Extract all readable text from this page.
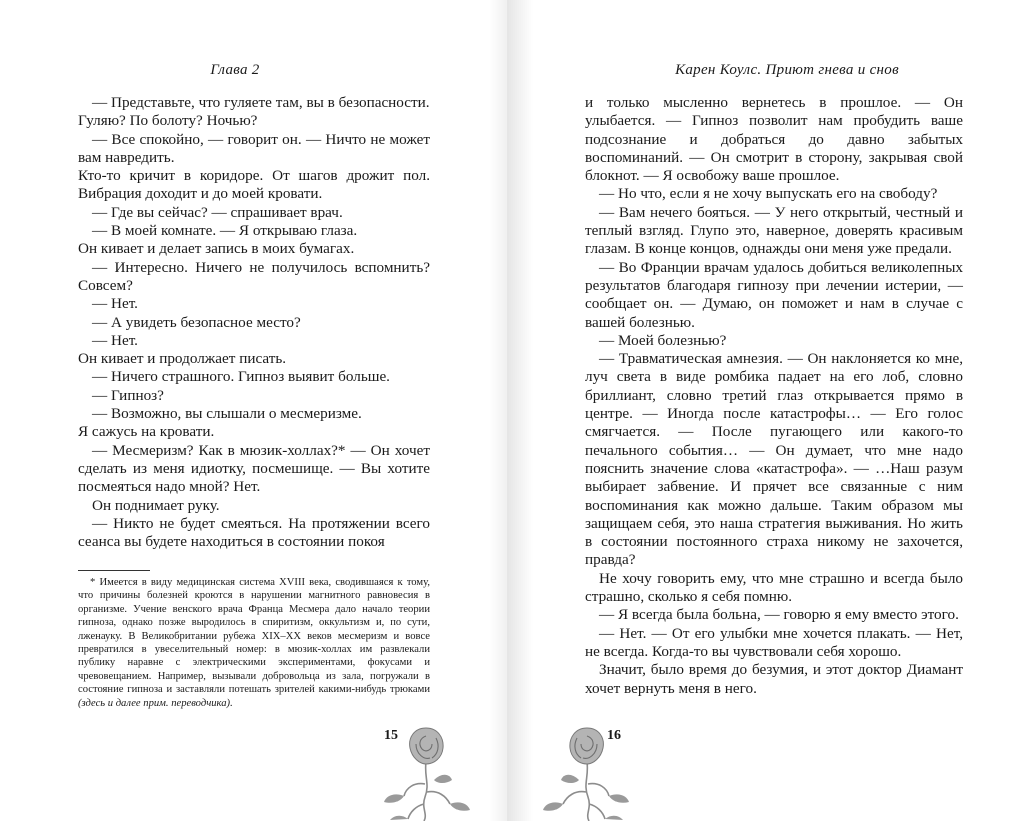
Глава 2

— Представьте, что гуляете там, вы в безопасности.

Гуляю? По болоту? Ночью?

— Все спокойно, — говорит он. — Ничто не может вам навредить.

Кто-то кричит в коридоре. От шагов дрожит пол. Вибрация доходит и до моей кровати.

— Где вы сейчас? — спрашивает врач.

— В моей комнате. — Я открываю глаза.

Он кивает и делает запись в моих бумагах.

— Интересно. Ничего не получилось вспомнить? Совсем?

— Нет.

— А увидеть безопасное место?

— Нет.

Он кивает и продолжает писать.

— Ничего страшного. Гипноз выявит больше.

— Гипноз?

— Возможно, вы слышали о месмеризме.

Я сажусь на кровати.

— Месмеризм? Как в мюзик-холлах?* — Он хочет сделать из меня идиотку, посмешище. — Вы хотите посмеяться надо мной? Нет.

Он поднимает руку.

— Никто не будет смеяться. На протяжении всего сеанса вы будете находиться в состоянии покоя

* Имеется в виду медицинская система XVIII века, сводившаяся к тому, что причины болезней кроются в нарушении магнитного равновесия в организме. Учение венского врача Франца Месмера дало начало теории гипноза, однако позже выродилось в спиритизм, оккультизм и, по сути, лженауку. В Великобритании рубежа XIX–XX веков месмеризм и вовсе превратился в увеселительный номер: в мюзик-холлах им развлекали публику наравне с электрическими экспериментами, фокусами и чревовещанием. Например, вызывали добровольца из зала, погружали в состояние гипноза и заставляли потешать зрителей какими-нибудь трюками (здесь и далее прим. переводчика).

15
Карен Коулс. Приют гнева и снов

и только мысленно вернетесь в прошлое. — Он улыбается. — Гипноз позволит нам пробудить ваше подсознание и добраться до давно забытых воспоминаний. — Он смотрит в сторону, закрывая свой блокнот. — Я освобожу ваше прошлое.

— Но что, если я не хочу выпускать его на свободу?

— Вам нечего бояться. — У него открытый, честный и теплый взгляд. Глупо это, наверное, доверять красивым глазам. В конце концов, однажды они меня уже предали.

— Во Франции врачам удалось добиться великолепных результатов благодаря гипнозу при лечении истерии, — сообщает он. — Думаю, он поможет и нам в случае с вашей болезнью.

— Моей болезнью?

— Травматическая амнезия. — Он наклоняется ко мне, луч света в виде ромбика падает на его лоб, словно бриллиант, словно третий глаз открывается прямо в центре. — Иногда после катастрофы… — Его голос смягчается. — После пугающего или какого-то печального события… — Он думает, что мне надо пояснить значение слова «катастрофа». — …Наш разум выбирает забвение. И прячет все связанные с ним воспоминания как можно дальше. Таким образом мы защищаем себя, это наша стратегия выживания. Но жить в состоянии постоянного страха никому не захочется, правда?

Не хочу говорить ему, что мне страшно и всегда было страшно, сколько я себя помню.

— Я всегда была больна, — говорю я ему вместо этого.

— Нет. — От его улыбки мне хочется плакать. — Нет, не всегда. Когда-то вы чувствовали себя хорошо.

Значит, было время до безумия, и этот доктор Диамант хочет вернуть меня в него.

16
